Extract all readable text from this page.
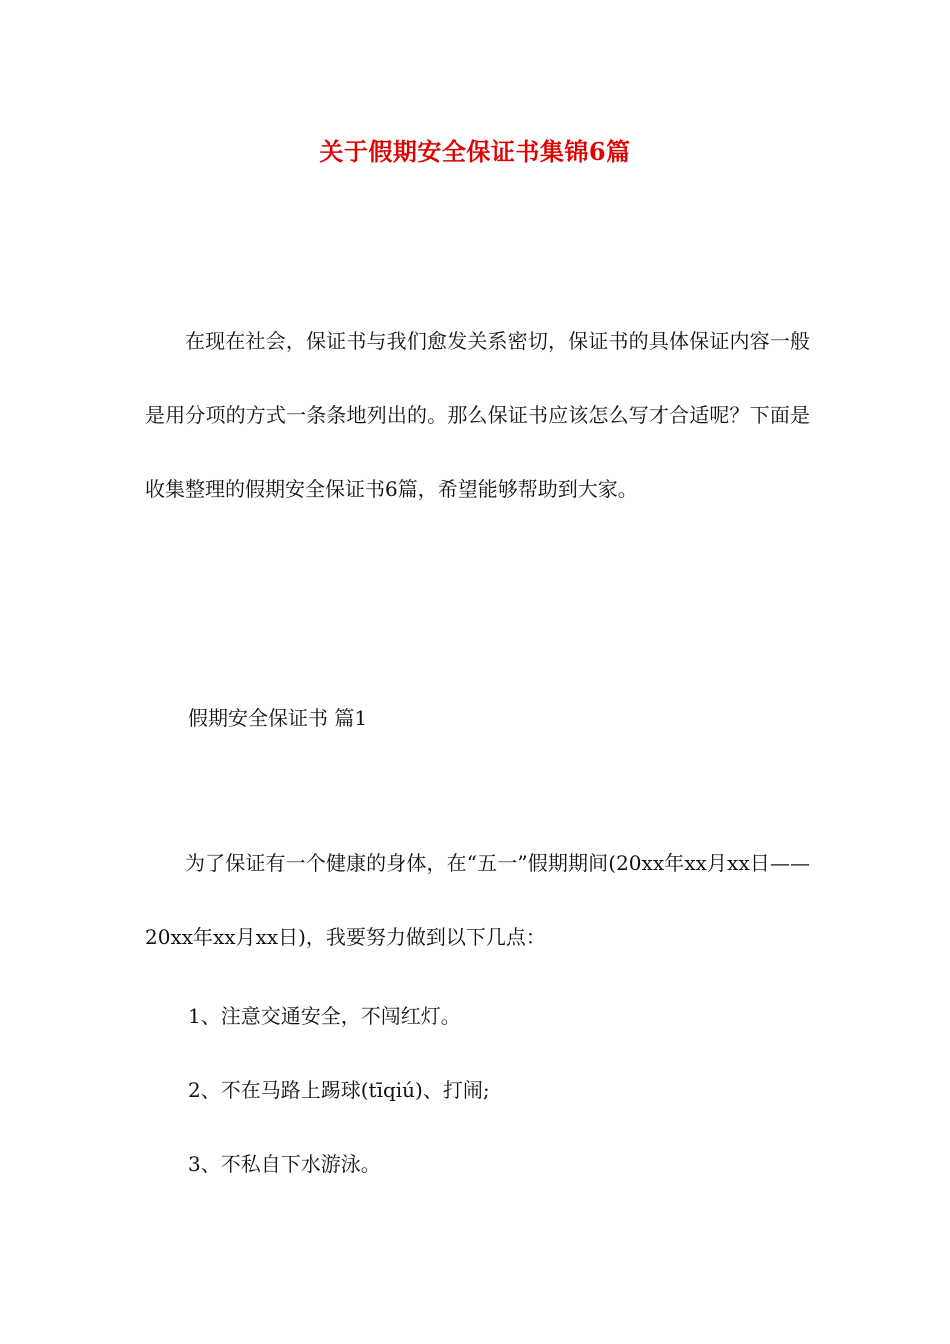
关于假期安全保证书集锦6篇

在现在社会，保证书与我们愈发关系密切，保证书的具体保证内容一般是用分项的方式一条条地列出的。那么保证书应该怎么写才合适呢？下面是收集整理的假期安全保证书6篇，希望能够帮助到大家。

假期安全保证书 篇1

为了保证有一个健康的身体，在“五一”假期期间(20xx年xx月xx日——20xx年xx月xx日)，我要努力做到以下几点：

1、注意交通安全，不闯红灯。

2、不在马路上踢球(tīqiú)、打闹;

3、不私自下水游泳。
